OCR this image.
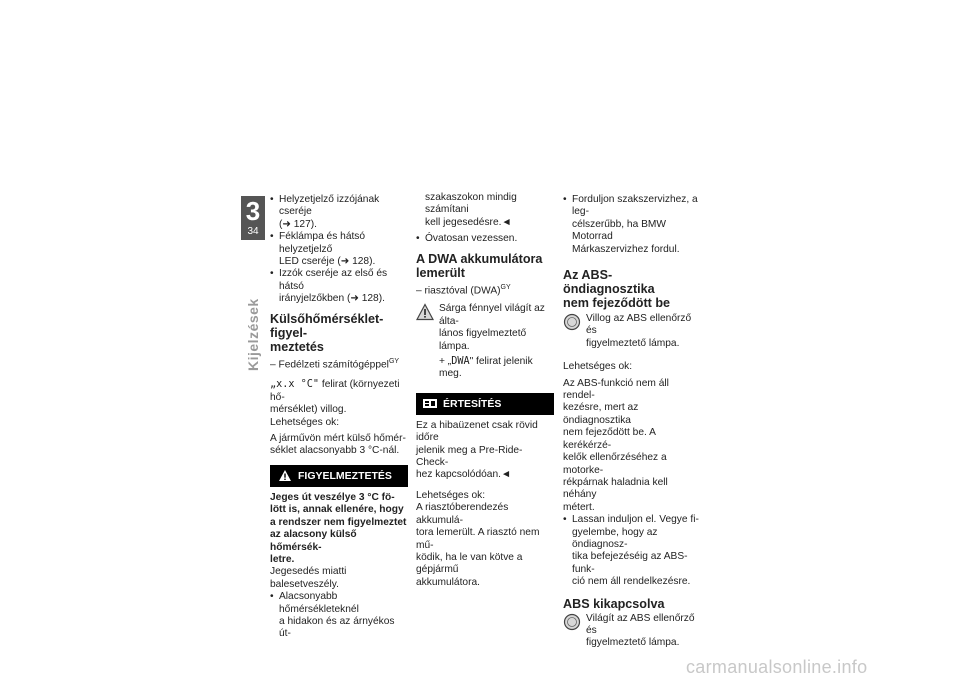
3
34
Kijelzések

• Helyzetjelző izzójának cseréje
(➜ 127).

• Féklámpa és hátsó helyzetjelző
LED cseréje (➜ 128).

• Izzók cseréje az első és hátsó
irányjelzőkben (➜ 128).

Külsőhőmérséklet-figyel-
meztetés

– Fedélzeti számítógéppel$^{GY}$

„x.x °C" felirat (környezeti hő-
mérséklet) villog.

Lehetséges ok:

A járművön mért külső hőmér-
séklet alacsonyabb 3 °C-nál.

FIGYELMEZTETÉS

Jeges út veszélye 3 °C fö-
lött is, annak ellenére, hogy
a rendszer nem figyelmeztet
az alacsony külső hőmérsék-
letre.

Jegesedés miatti balesetveszély.

• Alacsonyabb hőmérsékleteknél
a hidakon és az árnyékos út-

szakaszokon mindig számítani
kell jegesedésre.◄

• Óvatosan vezessen.

A DWA akkumulátora
lemerült

– riasztóval (DWA)$^{GY}$

Sárga fénnyel világít az álta-
lános figyelmeztető lámpa.

+ „DWA" felirat jelenik meg.

ÉRTESÍTÉS

Ez a hibaüzenet csak rövid időre
jelenik meg a Pre-Ride-Check-
hez kapcsolódóan.◄

Lehetséges ok:

A riasztóberendezés akkumulá-
tora lemerült. A riasztó nem mű-
ködik, ha le van kötve a gépjármű
akkumulátora.

• Forduljon szakszervizhez, a leg-
célszerűbb, ha BMW Motorrad
Márkaszervizhez fordul.

Az ABS-öndiagnosztika
nem fejeződött be
Villog az ABS ellenőrző és
figyelmeztető lámpa.

Lehetséges ok:

Az ABS-funkció nem áll rendel-
kezésre, mert az öndiagnosztika
nem fejeződött be. A kerékérzé-
kelők ellenőrzéséhez a motorke-
rékpárnak haladnia kell néhány
métert.

• Lassan induljon el. Vegye fi-
gyelembe, hogy az öndiagnosz-
tika befejezéséig az ABS-funk-
ció nem áll rendelkezésre.

ABS kikapcsolva
Világít az ABS ellenőrző és
figyelmeztető lámpa.
carmanualsonline.info
